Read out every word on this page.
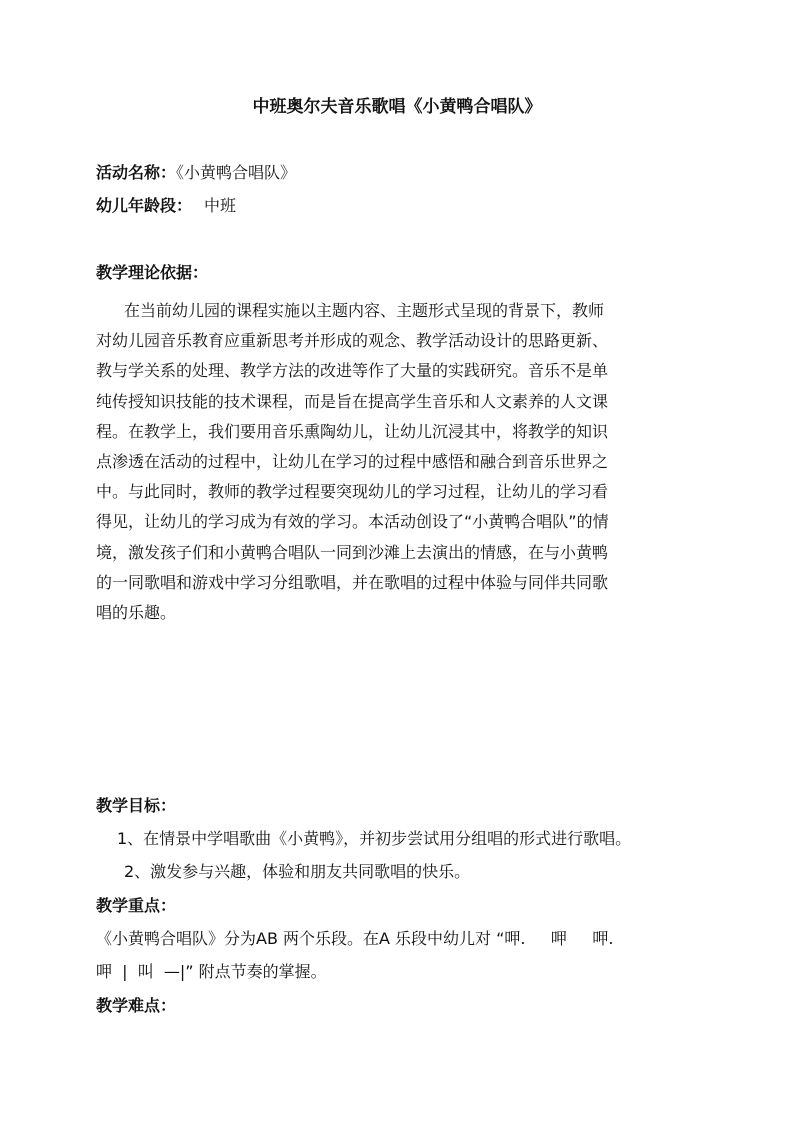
中班奥尔夫音乐歌唱《小黄鸭合唱队》
活动名称：《小黄鸭合唱队》
幼儿年龄段： 中班
教学理论依据：
在当前幼儿园的课程实施以主题内容、主题形式呈现的背景下，教师
对幼儿园音乐教育应重新思考并形成的观念、教学活动设计的思路更新、
教与学关系的处理、教学方法的改进等作了大量的实践研究。音乐不是单
纯传授知识技能的技术课程，而是旨在提高学生音乐和人文素养的人文课
程。在教学上，我们要用音乐熏陶幼儿，让幼儿沉浸其中，将教学的知识
点渗透在活动的过程中，让幼儿在学习的过程中感悟和融合到音乐世界之
中。与此同时，教师的教学过程要突现幼儿的学习过程，让幼儿的学习看
得见，让幼儿的学习成为有效的学习。本活动创设了“小黄鸭合唱队”的情
境，激发孩子们和小黄鸭合唱队一同到沙滩上去演出的情感，在与小黄鸭
的一同歌唱和游戏中学习分组歌唱，并在歌唱的过程中体验与同伴共同歌
唱的乐趣。
教学目标：
1、在情景中学唱歌曲《小黄鸭》，并初步尝试用分组唱的形式进行歌唱。
2、激发参与兴趣，体验和朋友共同歌唱的快乐。
教学重点：
《小黄鸭合唱队》分为AB 两个乐段。在A 乐段中幼儿对 “呷.     呷     呷.
呷  |  叫  —|” 附点节奏的掌握。
教学难点：
